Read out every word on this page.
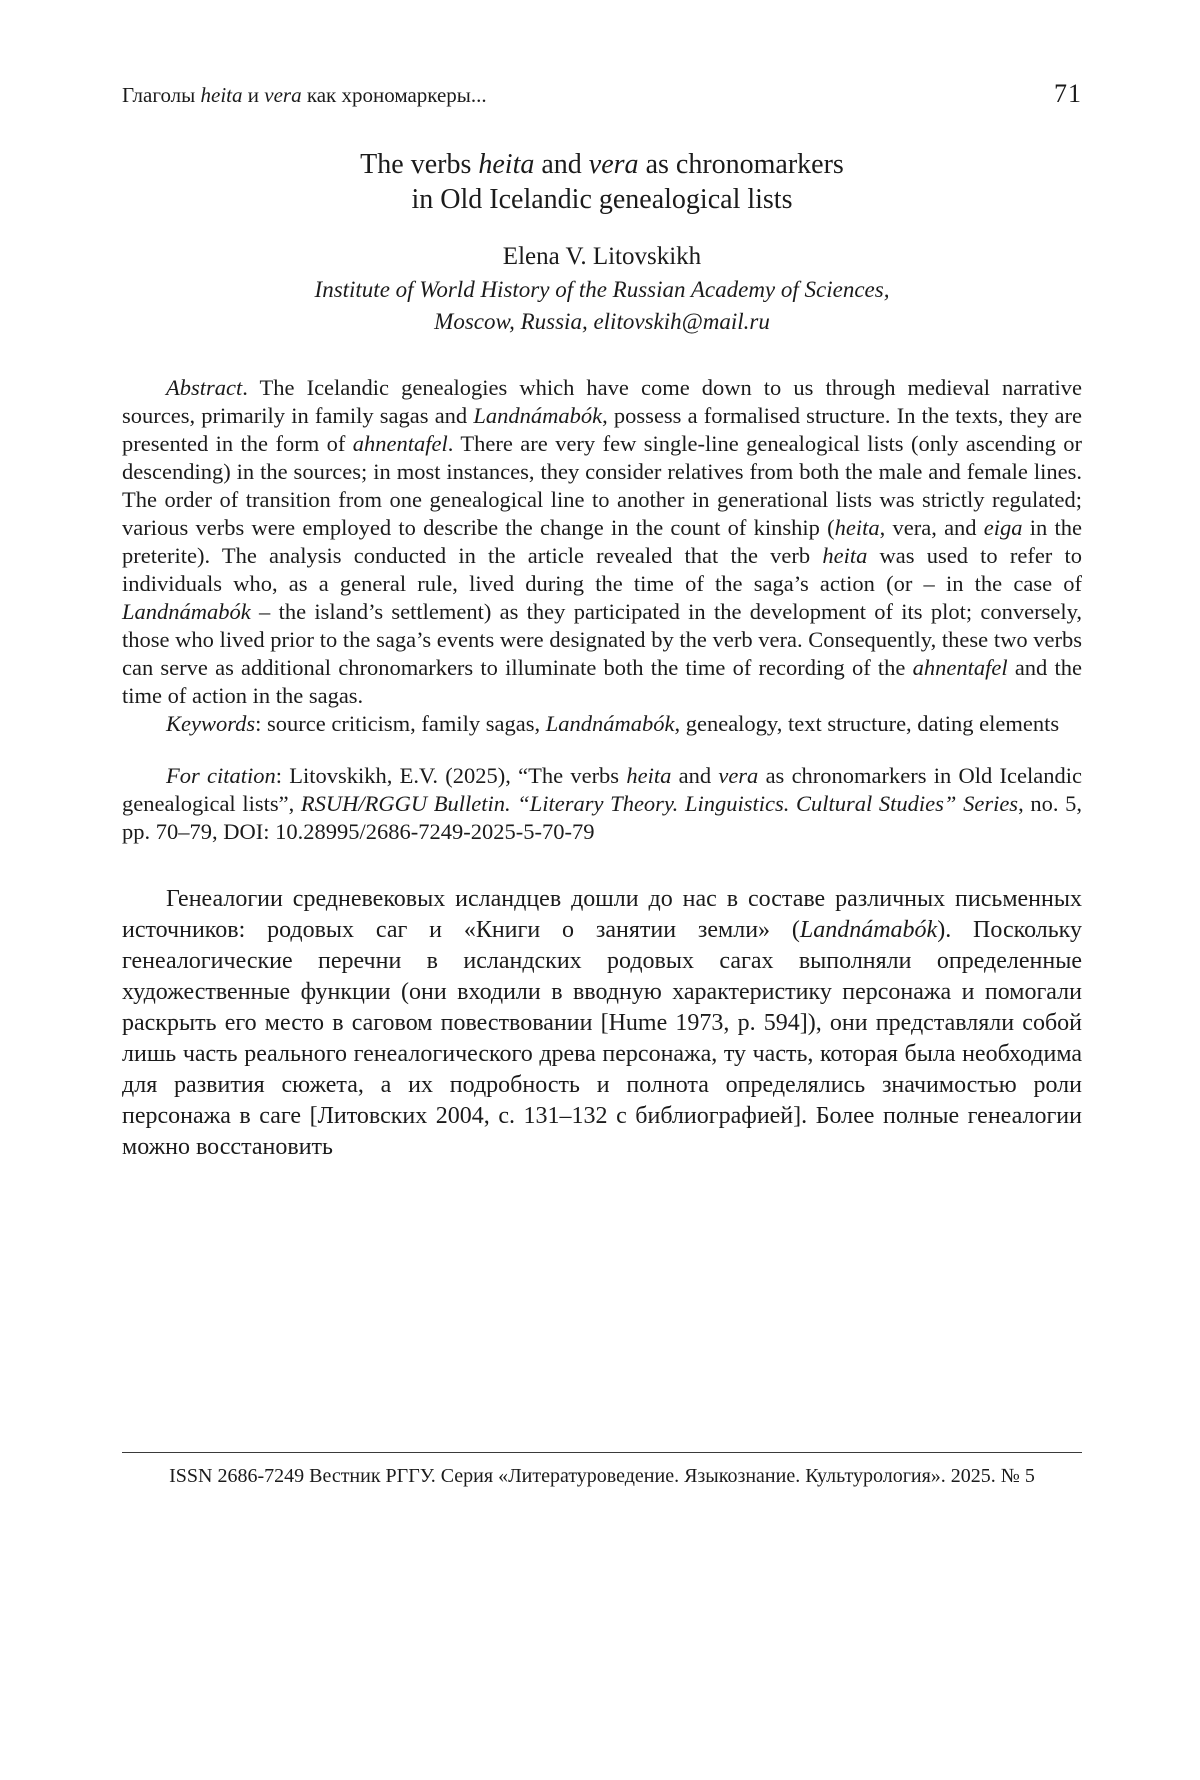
Глаголы heita и vera как хрономаркеры...	71
The verbs heita and vera as chronomarkers
in Old Icelandic genealogical lists
Elena V. Litovskikh
Institute of World History of the Russian Academy of Sciences,
Moscow, Russia, elitovskih@mail.ru

Abstract. The Icelandic genealogies which have come down to us through medieval narrative sources, primarily in family sagas and Landnámabók, possess a formalised structure. In the texts, they are presented in the form of ahnentafel. There are very few single-line genealogical lists (only ascending or descending) in the sources; in most instances, they consider relatives from both the male and female lines. The order of transition from one genealogical line to another in generational lists was strictly regulated; various verbs were employed to describe the change in the count of kinship (heita, vera, and eiga in the preterite). The analysis conducted in the article revealed that the verb heita was used to refer to individuals who, as a general rule, lived during the time of the saga’s action (or – in the case of Landnámabók – the island’s settlement) as they participated in the development of its plot; conversely, those who lived prior to the saga’s events were designated by the verb vera. Consequently, these two verbs can serve as additional chronomarkers to illuminate both the time of recording of the ahnentafel and the time of action in the sagas.

Keywords: source criticism, family sagas, Landnámabók, genealogy, text structure, dating elements

For citation: Litovskikh, E.V. (2025), “The verbs heita and vera as chronomarkers in Old Icelandic genealogical lists”, RSUH/RGGU Bulletin. “Literary Theory. Linguistics. Cultural Studies” Series, no. 5, pp. 70–79, DOI: 10.28995/2686-7249-2025-5-70-79

Генеалогии средневековых исландцев дошли до нас в составе различных письменных источников: родовых саг и «Книги о занятии земли» (Landnámabók). Поскольку генеалогические перечни в исландских родовых сагах выполняли определенные художественные функции (они входили в вводную характеристику персонажа и помогали раскрыть его место в саговом повествовании [Hume 1973, p. 594]), они представляли собой лишь часть реального генеалогического древа персонажа, ту часть, которая была необходима для развития сюжета, а их подробность и полнота определялись значимостью роли персонажа в саге [Литовских 2004, с. 131–132 с библиографией]. Более полные генеалогии можно восстановить

ISSN 2686-7249 Вестник РГГУ. Серия «Литературоведение. Языкознание. Культурология». 2025. № 5
